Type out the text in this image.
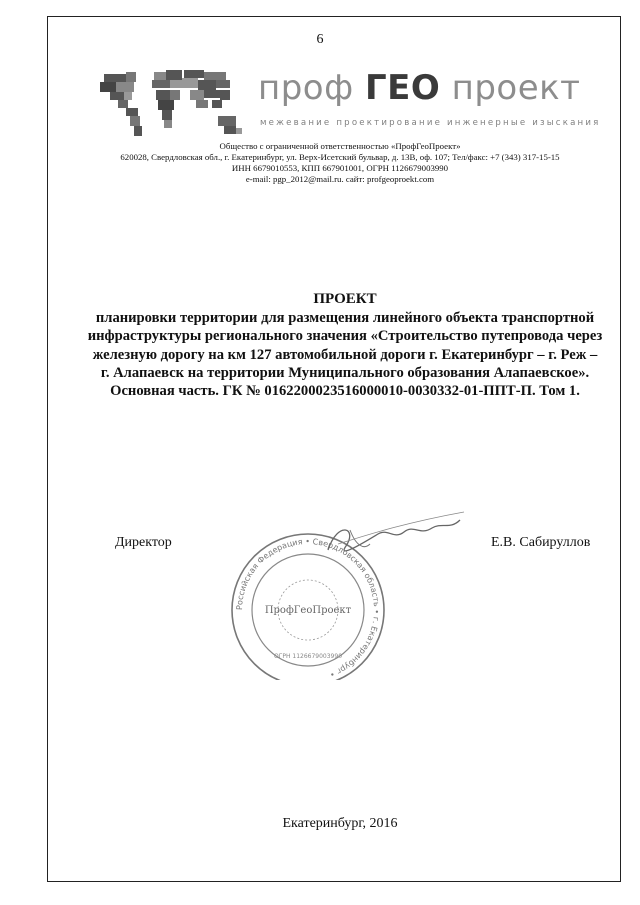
6
проф ГЕО проект
межевание проектирование инженерные изыскания
Общество с ограниченной ответственностью «ПрофГеоПроект»
620028, Свердловская обл., г. Екатеринбург, ул. Верх-Исетский бульвар, д. 13В, оф. 107; Тел/факс: +7 (343) 317-15-15
ИНН 6679010553, КПП 667901001, ОГРН 1126679003990
e-mail: pgp_2012@mail.ru. сайт: profgeoproekt.com
ПРОЕКТ
планировки территории для размещения линейного объекта транспортной
инфраструктуры регионального значения «Строительство путепровода через
железную дорогу на км 127 автомобильной дороги г. Екатеринбург – г. Реж –
г. Алапаевск на территории Муниципального образования Алапаевское».
Основная часть. ГК № 0162200023516000010-0030332-01-ППТ-П. Том 1.
Директор	Е.В. Сабируллов
Российская Федерация • Свердловская область • г. Екатеринбург •
ПрофГеоПроект
ОГРН 1126679003990
Екатеринбург, 2016
